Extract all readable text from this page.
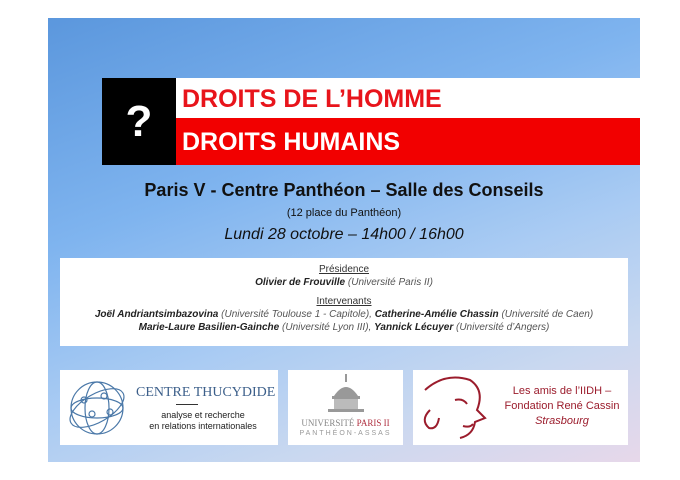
?	DROITS DE L’HOMME
DROITS HUMAINS
Paris V - Centre Panthéon – Salle des Conseils
(12 place du Panthéon)
Lundi 28 octobre – 14h00 / 16h00
Présidence
Olivier de Frouville (Université Paris II)
Intervenants
Joël Andriantsimbazovina (Université Toulouse 1 - Capitole), Catherine-Amélie Chassin (Université de Caen)
Marie-Laure Basilien-Gainche (Université Lyon III), Yannick Lécuyer (Université d’Angers)
CENTRE THUCYDIDE
analyse et recherche
en relations internationales	UNIVERSITÉ PARIS II
PANTHÉON-ASSAS
Les amis de l’IIDH –
Fondation René Cassin
Strasbourg
